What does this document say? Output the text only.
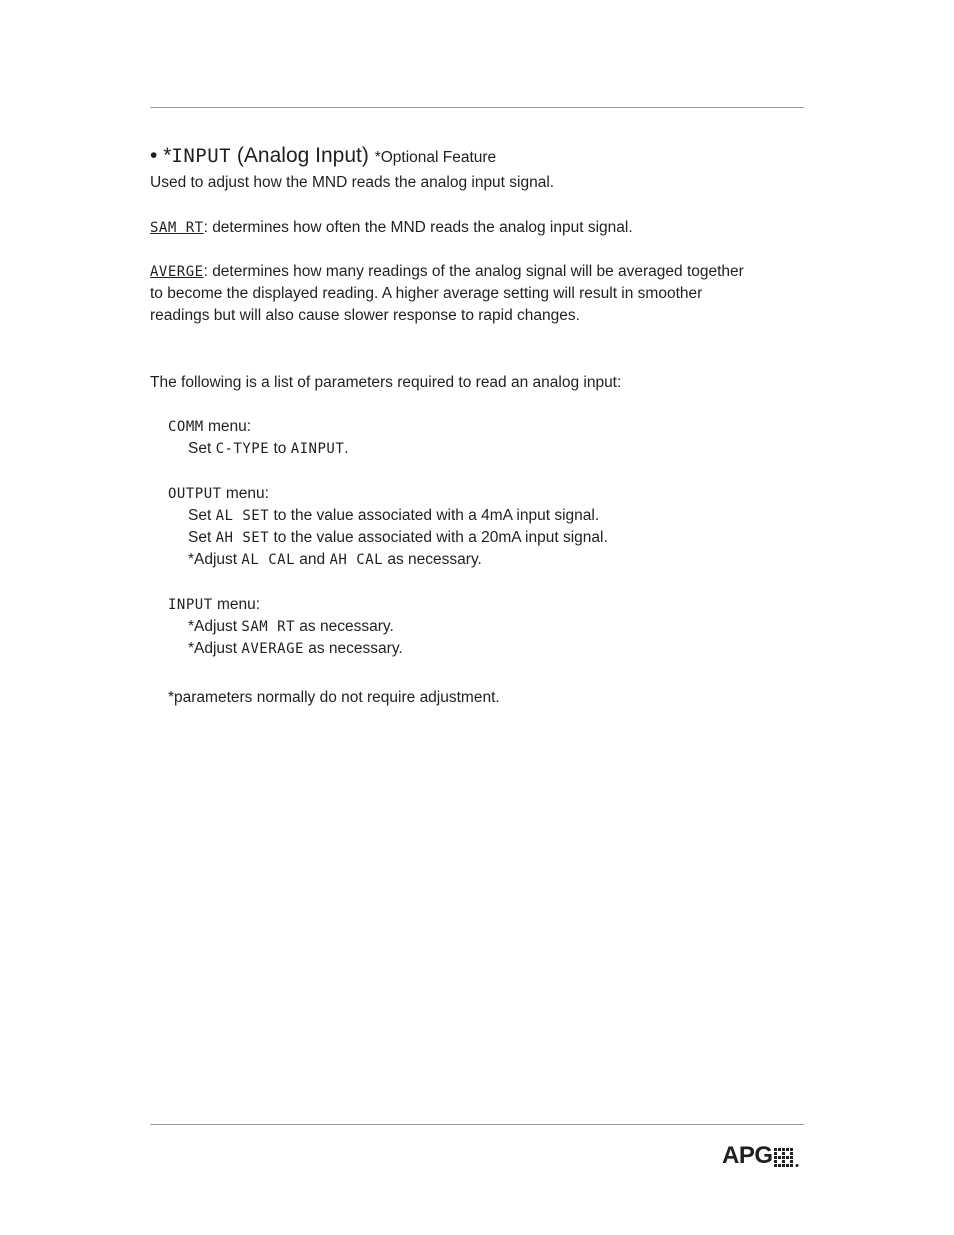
• *INPUT (Analog Input) *Optional Feature
Used to adjust how the MND reads the analog input signal.
SAM RT: determines how often the MND reads the analog input signal.
AVERGE: determines how many readings of the analog signal will be averaged together
to become the displayed reading. A higher average setting will result in smoother
readings but will also cause slower response to rapid changes.
The following is a list of parameters required to read an analog input:
COMM menu:
Set C-TYPE to AINPUT.
OUTPUT menu:
Set AL SET to the value associated with a 4mA input signal.
Set AH SET to the value associated with a 20mA input signal.
*Adjust AL CAL and AH CAL as necessary.
INPUT menu:
*Adjust SAM RT as necessary.
*Adjust AVERAGE as necessary.
*parameters normally do not require adjustment.
APG
